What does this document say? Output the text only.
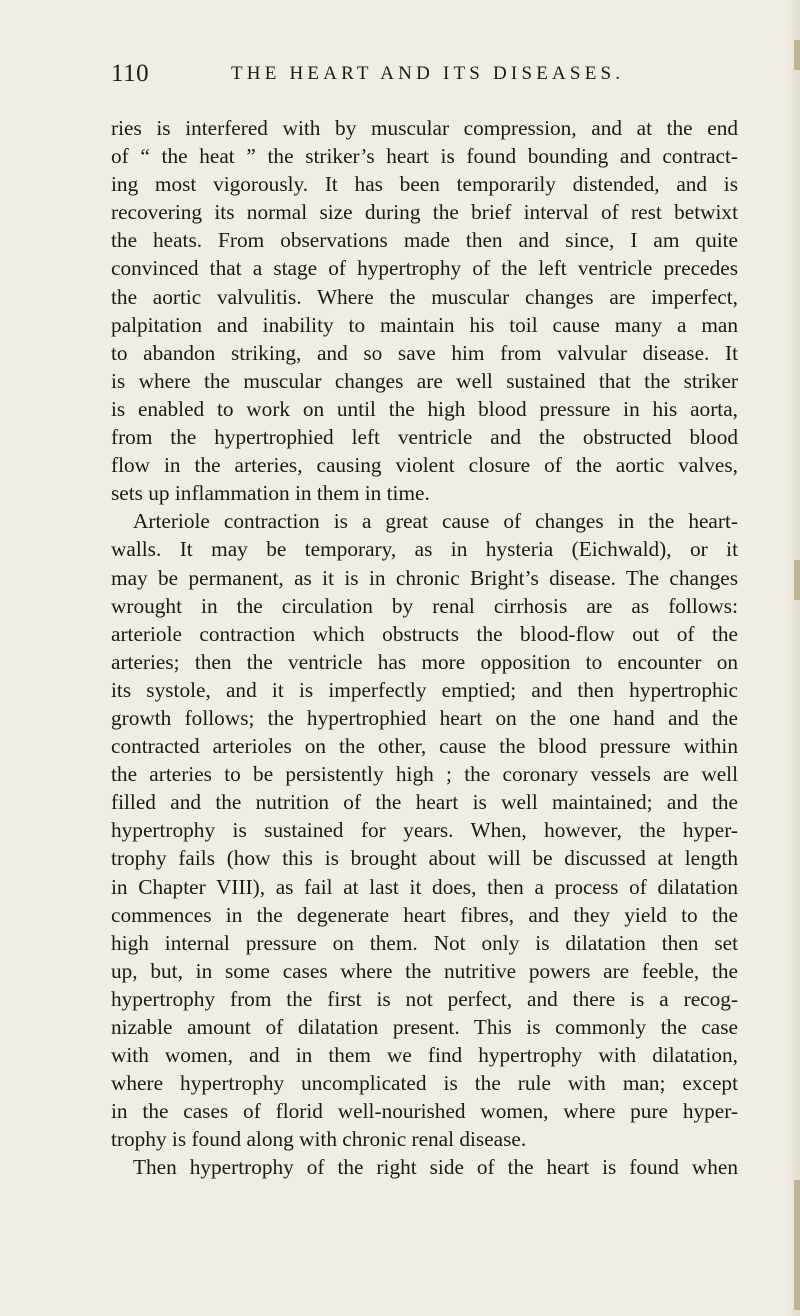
110	THE HEART AND ITS DISEASES.
ries is interfered with by muscular compression, and at the end
of “ the heat ” the striker’s heart is found bounding and contract-
ing most vigorously. It has been temporarily distended, and is
recovering its normal size during the brief interval of rest betwixt
the heats. From observations made then and since, I am quite
convinced that a stage of hypertrophy of the left ventricle precedes
the aortic valvulitis. Where the muscular changes are imperfect,
palpitation and inability to maintain his toil cause many a man
to abandon striking, and so save him from valvular disease. It
is where the muscular changes are well sustained that the striker
is enabled to work on until the high blood pressure in his aorta,
from the hypertrophied left ventricle and the obstructed blood
flow in the arteries, causing violent closure of the aortic valves,
sets up inflammation in them in time.
Arteriole contraction is a great cause of changes in the heart-
walls. It may be temporary, as in hysteria (Eichwald), or it
may be permanent, as it is in chronic Bright’s disease. The changes
wrought in the circulation by renal cirrhosis are as follows:
arteriole contraction which obstructs the blood-flow out of the
arteries; then the ventricle has more opposition to encounter on
its systole, and it is imperfectly emptied; and then hypertrophic
growth follows; the hypertrophied heart on the one hand and the
contracted arterioles on the other, cause the blood pressure within
the arteries to be persistently high ; the coronary vessels are well
filled and the nutrition of the heart is well maintained; and the
hypertrophy is sustained for years. When, however, the hyper-
trophy fails (how this is brought about will be discussed at length
in Chapter VIII), as fail at last it does, then a process of dilatation
commences in the degenerate heart fibres, and they yield to the
high internal pressure on them. Not only is dilatation then set
up, but, in some cases where the nutritive powers are feeble, the
hypertrophy from the first is not perfect, and there is a recog-
nizable amount of dilatation present. This is commonly the case
with women, and in them we find hypertrophy with dilatation,
where hypertrophy uncomplicated is the rule with man; except
in the cases of florid well-nourished women, where pure hyper-
trophy is found along with chronic renal disease.
Then hypertrophy of the right side of the heart is found when
